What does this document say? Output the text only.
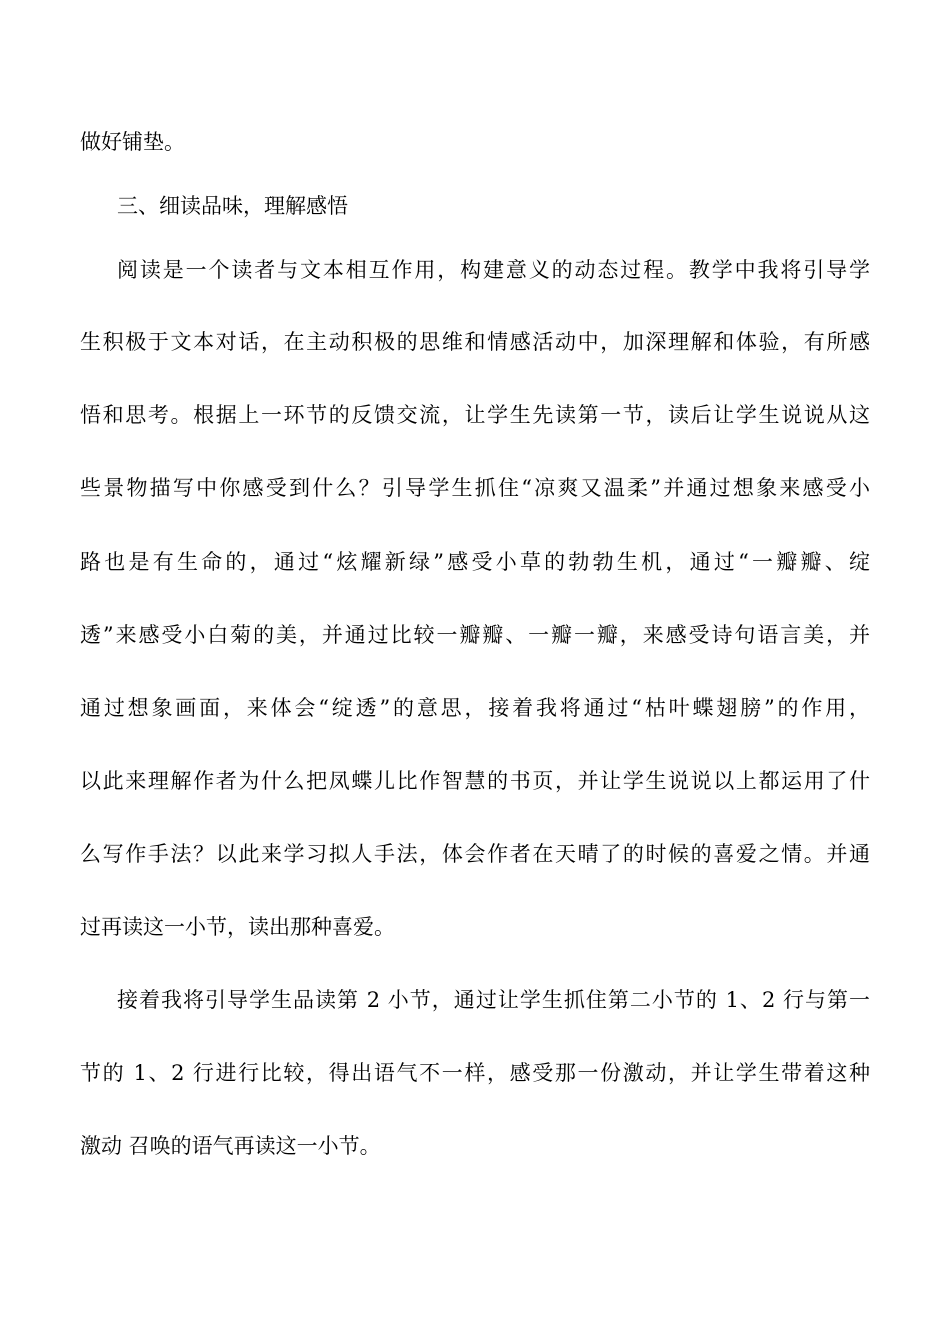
做好铺垫。
三、细读品味，理解感悟
阅读是一个读者与文本相互作用，构建意义的动态过程。教学中我将引导学
生积极于文本对话，在主动积极的思维和情感活动中，加深理解和体验，有所感
悟和思考。根据上一环节的反馈交流，让学生先读第一节，读后让学生说说从这
些景物描写中你感受到什么？引导学生抓住“凉爽又温柔”并通过想象来感受小
路也是有生命的，通过“炫耀新绿”感受小草的勃勃生机，通过“一瓣瓣、绽
透”来感受小白菊的美，并通过比较一瓣瓣、一瓣一瓣，来感受诗句语言美，并
通过想象画面，来体会“绽透”的意思，接着我将通过“枯叶蝶翅膀”的作用，
以此来理解作者为什么把凤蝶儿比作智慧的书页，并让学生说说以上都运用了什
么写作手法？以此来学习拟人手法，体会作者在天晴了的时候的喜爱之情。并通
过再读这一小节，读出那种喜爱。
接着我将引导学生品读第 2 小节，通过让学生抓住第二小节的 1、2 行与第一
节的 1、2 行进行比较，得出语气不一样，感受那一份激动，并让学生带着这种
激动 召唤的语气再读这一小节。
